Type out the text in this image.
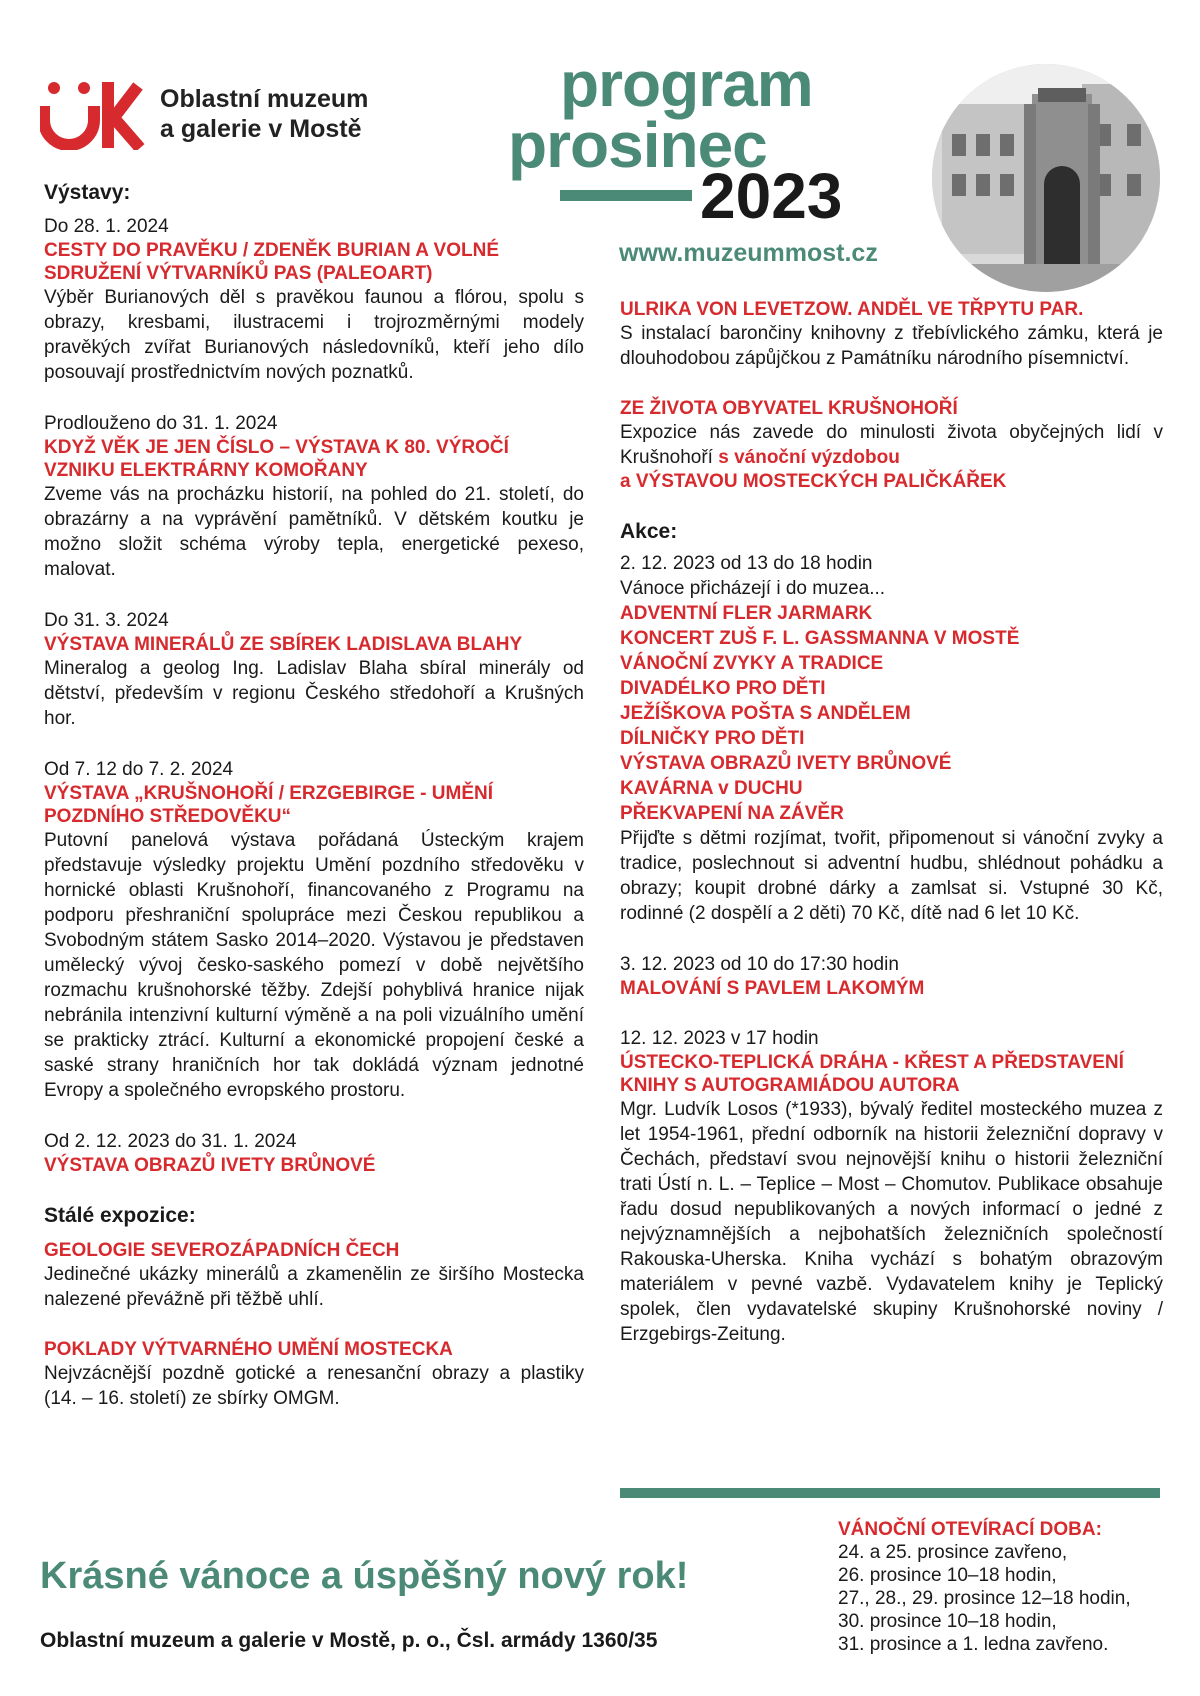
Oblastní muzeum
a galerie v Mostě
program
prosinec
2023
www.muzeummost.cz
Výstavy:
Do 28. 1. 2024
CESTY DO PRAVĚKU / ZDENĚK BURIAN A VOLNÉ
SDRUŽENÍ VÝTVARNÍKŮ PAS (PALEOART)
Výběr Burianových děl s pravěkou faunou a flórou, spolu s obrazy, kresbami, ilustracemi i trojrozměrnými modely pravěkých zvířat Burianových následovníků, kteří jeho dílo posouvají prostřednictvím nových poznatků.
Prodlouženo do 31. 1. 2024
KDYŽ VĚK JE JEN ČÍSLO – VÝSTAVA K 80. VÝROČÍ
VZNIKU ELEKTRÁRNY KOMOŘANY
Zveme vás na procházku historií, na pohled do 21. století, do obrazárny a na vyprávění pamětníků. V dětském koutku je možno složit schéma výroby tepla, energetické pexeso, malovat.
Do 31. 3. 2024
VÝSTAVA MINERÁLŮ ZE SBÍREK LADISLAVA BLAHY
Mineralog a geolog Ing. Ladislav Blaha sbíral minerály od dětství, především v regionu Českého středohoří a Krušných hor.
Od 7. 12 do 7. 2. 2024
VÝSTAVA „KRUŠNOHOŘÍ / ERZGEBIRGE - UMĚNÍ
POZDNÍHO STŘEDOVĚKU“
Putovní panelová výstava pořádaná Ústeckým krajem představuje výsledky projektu Umění pozdního středověku v hornické oblasti Krušnohoří, financovaného z Programu na podporu přeshraniční spolupráce mezi Českou republikou a Svobodným státem Sasko 2014–2020. Výstavou je představen umělecký vývoj česko-saského pomezí v době největšího rozmachu krušnohorské těžby. Zdejší pohyblivá hranice nijak nebránila intenzivní kulturní výměně a na poli vizuálního umění se prakticky ztrácí. Kulturní a ekonomické propojení české a saské strany hraničních hor tak dokládá význam jednotné Evropy a společného evropského prostoru.
Od 2. 12. 2023 do 31. 1. 2024
VÝSTAVA OBRAZŮ IVETY BRŮNOVÉ
Stálé expozice:
GEOLOGIE SEVEROZÁPADNÍCH ČECH
Jedinečné ukázky minerálů a zkamenělin ze širšího Mostecka nalezené převážně při těžbě uhlí.
POKLADY VÝTVARNÉHO UMĚNÍ MOSTECKA
Nejvzácnější pozdně gotické a renesanční obrazy a plastiky (14. – 16. století) ze sbírky OMGM.
ULRIKA VON LEVETZOW. ANDĚL VE TŘPYTU PAR.
S instalací barončiny knihovny z třebívlického zámku, která je dlouhodobou zápůjčkou z Památníku národního písemnictví.
ZE ŽIVOTA OBYVATEL KRUŠNOHOŘÍ
Expozice nás zavede do minulosti života obyčejných lidí v Krušnohoří s vánoční výzdobou
a VÝSTAVOU MOSTECKÝCH PALIČKÁŘEK
Akce:
2. 12. 2023 od 13 do 18 hodin
Vánoce přicházejí i do muzea...
ADVENTNÍ FLER JARMARK
KONCERT ZUŠ F. L. GASSMANNA V MOSTĚ
VÁNOČNÍ ZVYKY A TRADICE
DIVADÉLKO PRO DĚTI
JEŽÍŠKOVA POŠTA S ANDĚLEM
DÍLNIČKY PRO DĚTI
VÝSTAVA OBRAZŮ IVETY BRŮNOVÉ
KAVÁRNA v DUCHU
PŘEKVAPENÍ NA ZÁVĚR
Přijďte s dětmi rozjímat, tvořit, připomenout si vánoční zvyky a tradice, poslechnout si adventní hudbu, shlédnout pohádku a obrazy; koupit drobné dárky a zamlsat si. Vstupné 30 Kč, rodinné (2 dospělí a 2 děti) 70 Kč, dítě nad 6 let 10 Kč.
3. 12. 2023 od 10 do 17:30 hodin
MALOVÁNÍ S PAVLEM LAKOMÝM
12. 12. 2023 v 17 hodin
ÚSTECKO-TEPLICKÁ DRÁHA - KŘEST A PŘEDSTAVENÍ
KNIHY S AUTOGRAMIÁDOU AUTORA
Mgr. Ludvík Losos (*1933), bývalý ředitel mosteckého muzea z let 1954-1961, přední odborník na historii železniční dopravy v Čechách, představí svou nejnovější knihu o historii železniční trati Ústí n. L. – Teplice – Most – Chomutov. Publikace obsahuje řadu dosud nepublikovaných a nových informací o jedné z nejvýznamnějších a nejbohatších železničních společností Rakouska-Uherska. Kniha vychází s bohatým obrazovým materiálem v pevné vazbě. Vydavatelem knihy je Teplický spolek, člen vydavatelské skupiny Krušnohorské noviny / Erzgebirgs-Zeitung.
VÁNOČNÍ OTEVÍRACÍ DOBA:
24. a 25. prosince zavřeno,
26. prosince 10–18 hodin,
27., 28., 29. prosince 12–18 hodin,
30. prosince 10–18 hodin,
31. prosince a 1. ledna zavřeno.
Krásné vánoce a úspěšný nový rok!
Oblastní muzeum a galerie v Mostě, p. o., Čsl. armády 1360/35
